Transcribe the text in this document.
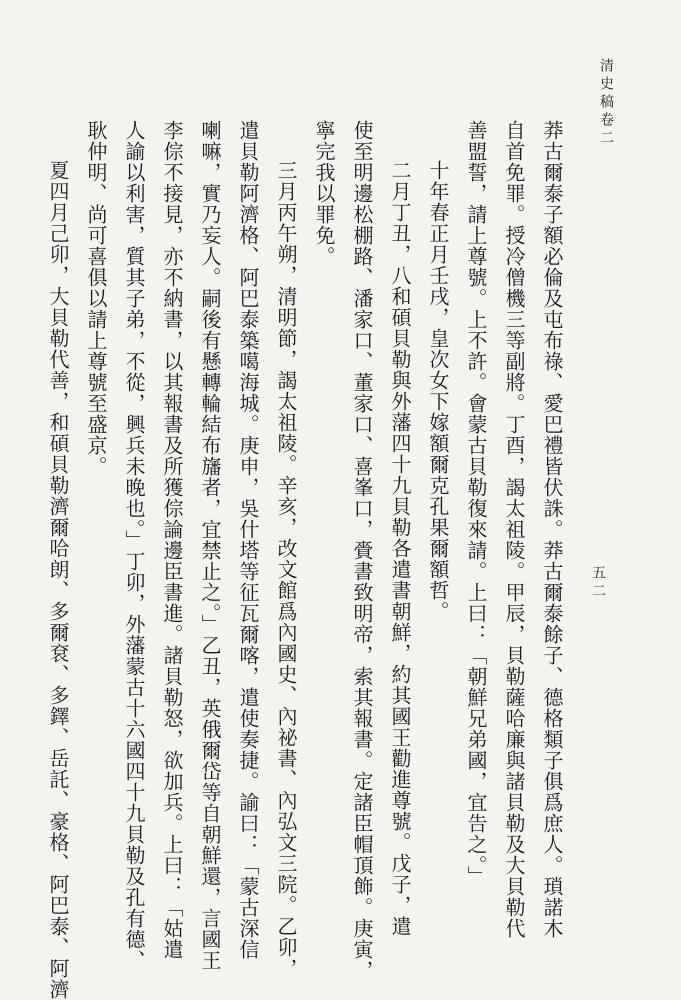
清史稿卷二
五二
莽古爾泰子額必倫及屯布祿、愛巴禮皆伏誅。莽古爾泰餘子、德格類子俱爲庶人。瑣諾木
自首免罪。授冷僧機三等副將。丁酉，謁太祖陵。甲辰，貝勒薩哈廉與諸貝勒及大貝勒代
善盟誓，請上尊號。上不許。會蒙古貝勒復來請。上曰：「朝鮮兄弟國，宜告之。」
十年春正月壬戌，皇次女下嫁額爾克孔果爾額哲。
二月丁丑，八和碩貝勒與外藩四十九貝勒各遣書朝鮮，約其國王勸進尊號。戊子，遣
使至明邊松棚路、潘家口、董家口、喜峯口，賫書致明帝，索其報書。定諸臣帽頂飾。庚寅，
寧完我以罪免。
三月丙午朔，清明節，謁太祖陵。辛亥，改文館爲內國史、內祕書、內弘文三院。乙卯，
遣貝勒阿濟格、阿巴泰築噶海城。庚申，吳什塔等征瓦爾喀，遣使奏捷。諭曰：「蒙古深信
喇嘛，實乃妄人。嗣後有懸轉輪結布旛者，宜禁止之。」乙丑，英俄爾岱等自朝鮮還，言國王
李倧不接見，亦不納書，以其報書及所獲倧論邊臣書進。諸貝勒怒，欲加兵。上曰：「姑遣
人諭以利害，質其子弟，不從，興兵未晚也。」丁卯，外藩蒙古十六國四十九貝勒及孔有德、
耿仲明、尚可喜俱以請上尊號至盛京。
夏四月己卯，大貝勒代善，和碩貝勒濟爾哈朗、多爾袞、多鐸、岳託、豪格、阿巴泰、阿濟
